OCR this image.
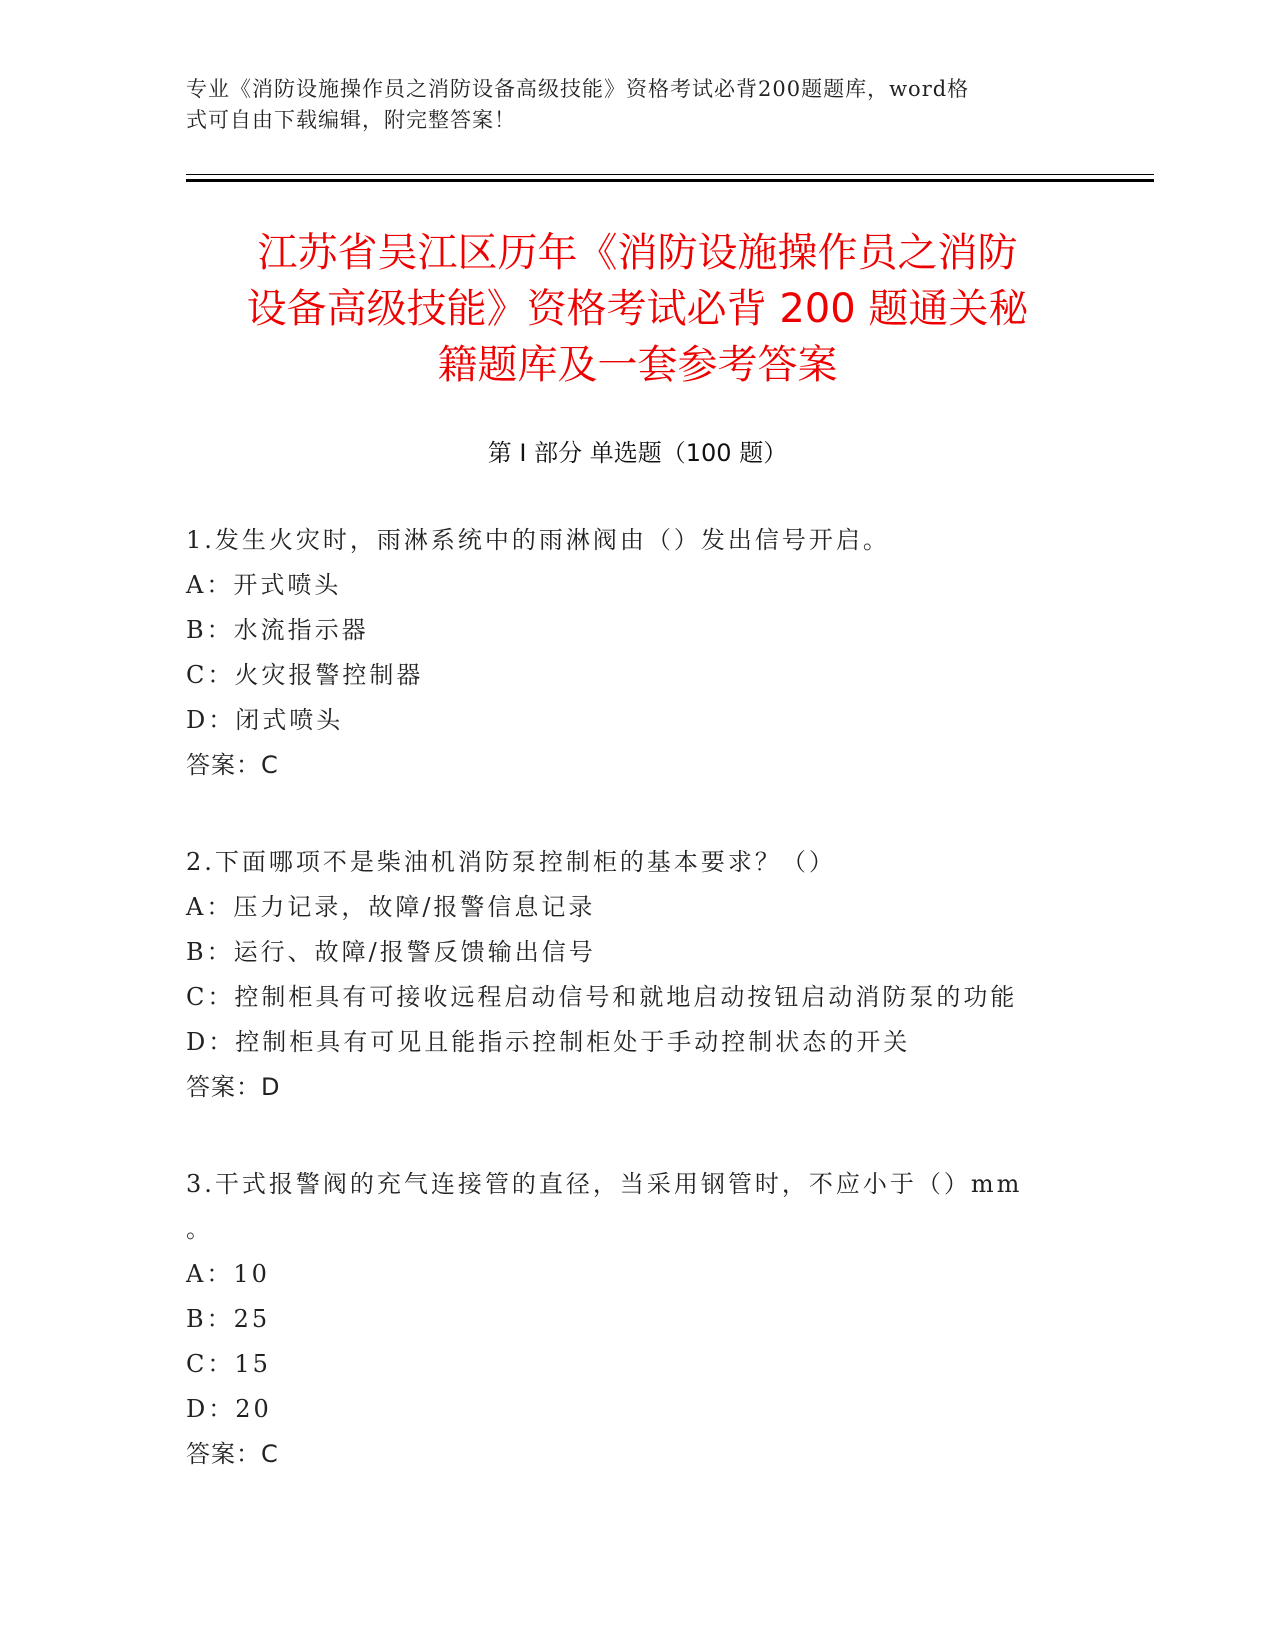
专业《消防设施操作员之消防设备高级技能》资格考试必背200题题库，word格
式可自由下载编辑，附完整答案！
江苏省吴江区历年《消防设施操作员之消防
设备高级技能》资格考试必背 200 题通关秘
籍题库及一套参考答案
第 I 部分 单选题（100 题）
1.发生火灾时，雨淋系统中的雨淋阀由（）发出信号开启。
A：开式喷头
B：水流指示器
C：火灾报警控制器
D：闭式喷头
答案：C
2.下面哪项不是柴油机消防泵控制柜的基本要求？（）
A：压力记录，故障/报警信息记录
B：运行、故障/报警反馈输出信号
C：控制柜具有可接收远程启动信号和就地启动按钮启动消防泵的功能
D：控制柜具有可见且能指示控制柜处于手动控制状态的开关
答案：D
3.干式报警阀的充气连接管的直径，当采用钢管时，不应小于（）mm
。
A：10
B：25
C：15
D：20
答案：C
